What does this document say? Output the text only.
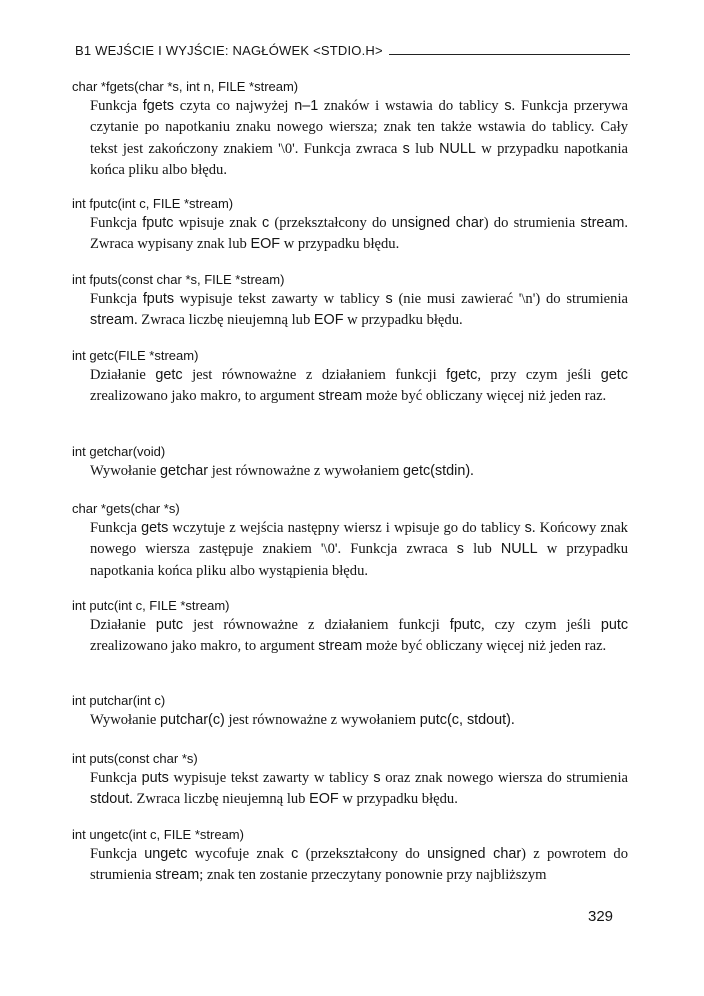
B1 WEJŚCIE I WYJŚCIE: NAGŁÓWEK <STDIO.H>
char *fgets(char *s, int n, FILE *stream)
Funkcja fgets czyta co najwyżej n–1 znaków i wstawia do tablicy s. Funkcja przerywa czytanie po napotkaniu znaku nowego wiersza; znak ten także wstawia do tablicy. Cały tekst jest zakończony znakiem '\0'. Funkcja zwraca s lub NULL w przypadku napotkania końca pliku albo błędu.
int fputc(int c, FILE *stream)
Funkcja fputc wpisuje znak c (przekształcony do unsigned char) do strumienia stream. Zwraca wypisany znak lub EOF w przypadku błędu.
int fputs(const char *s, FILE *stream)
Funkcja fputs wypisuje tekst zawarty w tablicy s (nie musi zawierać '\n') do strumienia stream. Zwraca liczbę nieujemną lub EOF w przypadku błędu.
int getc(FILE *stream)
Działanie getc jest równoważne z działaniem funkcji fgetc, przy czym jeśli getc zrealizowano jako makro, to argument stream może być obliczany więcej niż jeden raz.
int getchar(void)
Wywołanie getchar jest równoważne z wywołaniem getc(stdin).
char *gets(char *s)
Funkcja gets wczytuje z wejścia następny wiersz i wpisuje go do tablicy s. Końcowy znak nowego wiersza zastępuje znakiem '\0'. Funkcja zwraca s lub NULL w przypadku napotkania końca pliku albo wystąpienia błędu.
int putc(int c, FILE *stream)
Działanie putc jest równoważne z działaniem funkcji fputc, czy czym jeśli putc zrealizowano jako makro, to argument stream może być obliczany więcej niż jeden raz.
int putchar(int c)
Wywołanie putchar(c) jest równoważne z wywołaniem putc(c, stdout).
int puts(const char *s)
Funkcja puts wypisuje tekst zawarty w tablicy s oraz znak nowego wiersza do strumienia stdout. Zwraca liczbę nieujemną lub EOF w przypadku błędu.
int ungetc(int c, FILE *stream)
Funkcja ungetc wycofuje znak c (przekształcony do unsigned char) z powrotem do strumienia stream; znak ten zostanie przeczytany ponownie przy najbliższym
329
